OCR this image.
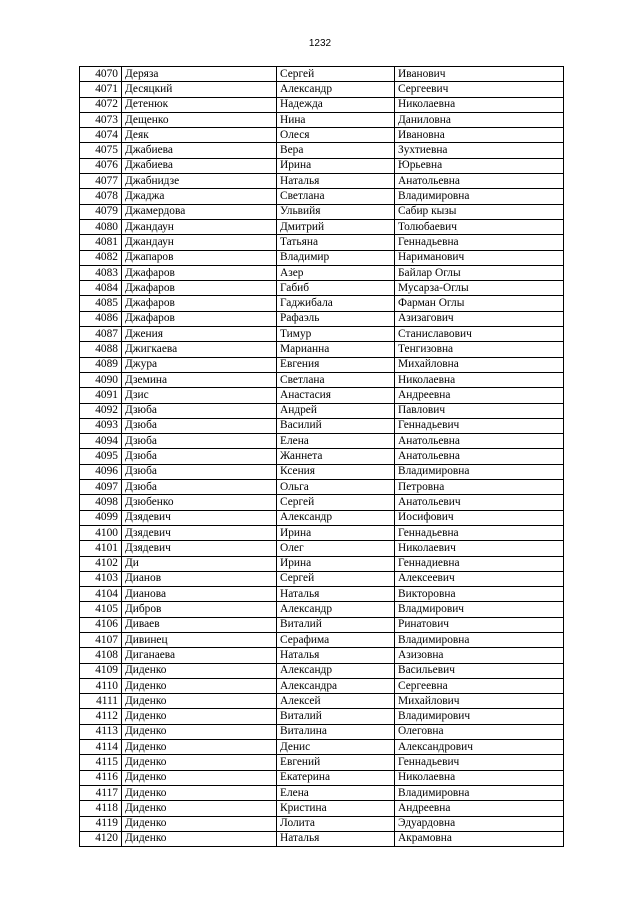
1232
4070	Деряза	Сергей	Иванович
4071	Десяцкий	Александр	Сергеевич
4072	Детенюк	Надежда	Николаевна
4073	Дещенко	Нина	Даниловна
4074	Деяк	Олеся	Ивановна
4075	Джабиева	Вера	Зухтиевна
4076	Джабиева	Ирина	Юрьевна
4077	Джабнидзе	Наталья	Анатольевна
4078	Джаджа	Светлана	Владимировна
4079	Джамердова	Ульвийя	Сабир кызы
4080	Джандаун	Дмитрий	Толюбаевич
4081	Джандаун	Татьяна	Геннадьевна
4082	Джапаров	Владимир	Нариманович
4083	Джафаров	Азер	Байлар Оглы
4084	Джафаров	Габиб	Мусарза-Оглы
4085	Джафаров	Гаджибала	Фарман Оглы
4086	Джафаров	Рафаэль	Азизагович
4087	Джения	Тимур	Станиславович
4088	Джигкаева	Марианна	Тенгизовна
4089	Джура	Евгения	Михайловна
4090	Дземина	Светлана	Николаевна
4091	Дзис	Анастасия	Андреевна
4092	Дзюба	Андрей	Павлович
4093	Дзюба	Василий	Геннадьевич
4094	Дзюба	Елена	Анатольевна
4095	Дзюба	Жаннета	Анатольевна
4096	Дзюба	Ксения	Владимировна
4097	Дзюба	Ольга	Петровна
4098	Дзюбенко	Сергей	Анатольевич
4099	Дзядевич	Александр	Иосифович
4100	Дзядевич	Ирина	Геннадьевна
4101	Дзядевич	Олег	Николаевич
4102	Ди	Ирина	Геннадиевна
4103	Дианов	Сергей	Алексеевич
4104	Дианова	Наталья	Викторовна
4105	Дибров	Александр	Владмирович
4106	Диваев	Виталий	Ринатович
4107	Дивинец	Серафима	Владимировна
4108	Диганаева	Наталья	Азизовна
4109	Диденко	Александр	Васильевич
4110	Диденко	Александра	Сергеевна
4111	Диденко	Алексей	Михайлович
4112	Диденко	Виталий	Владимирович
4113	Диденко	Виталина	Олеговна
4114	Диденко	Денис	Александрович
4115	Диденко	Евгений	Геннадьевич
4116	Диденко	Екатерина	Николаевна
4117	Диденко	Елена	Владимировна
4118	Диденко	Кристина	Андреевна
4119	Диденко	Лолита	Эдуардовна
4120	Диденко	Наталья	Акрамовна
